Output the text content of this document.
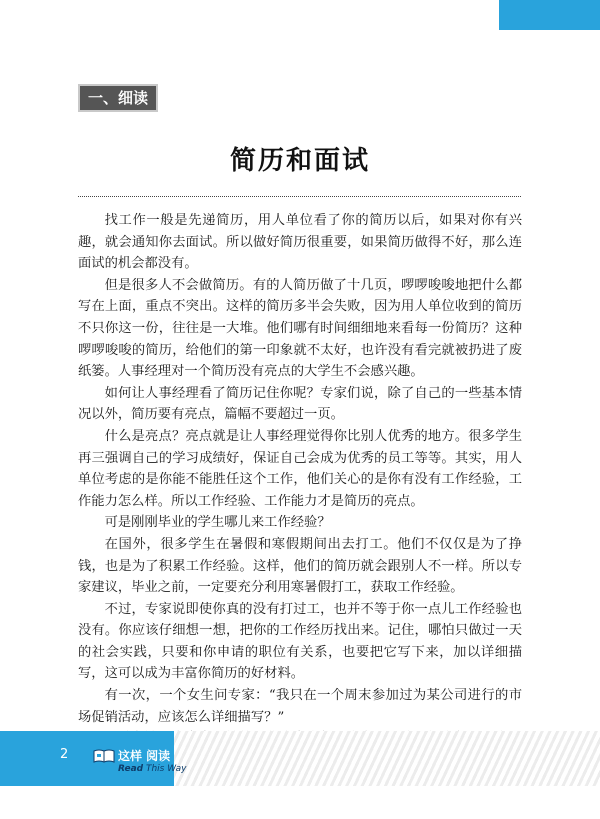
一、细读
简历和面试

找工作一般是先递简历，用人单位看了你的简历以后，如果对你有兴趣，就会通知你去面试。所以做好简历很重要，如果简历做得不好，那么连面试的机会都没有。

但是很多人不会做简历。有的人简历做了十几页，啰啰唆唆地把什么都写在上面，重点不突出。这样的简历多半会失败，因为用人单位收到的简历不只你这一份，往往是一大堆。他们哪有时间细细地来看每一份简历？这种啰啰唆唆的简历，给他们的第一印象就不太好，也许没有看完就被扔进了废纸篓。人事经理对一个简历没有亮点的大学生不会感兴趣。

如何让人事经理看了简历记住你呢？专家们说，除了自己的一些基本情况以外，简历要有亮点，篇幅不要超过一页。

什么是亮点？亮点就是让人事经理觉得你比别人优秀的地方。很多学生再三强调自己的学习成绩好，保证自己会成为优秀的员工等等。其实，用人单位考虑的是你能不能胜任这个工作，他们关心的是你有没有工作经验，工作能力怎么样。所以工作经验、工作能力才是简历的亮点。

可是刚刚毕业的学生哪儿来工作经验？

在国外，很多学生在暑假和寒假期间出去打工。他们不仅仅是为了挣钱，也是为了积累工作经验。这样，他们的简历就会跟别人不一样。所以专家建议，毕业之前，一定要充分利用寒暑假打工，获取工作经验。

不过，专家说即使你真的没有打过工，也并不等于你一点儿工作经验也没有。你应该仔细想一想，把你的工作经历找出来。记住，哪怕只做过一天的社会实践，只要和你申请的职位有关系，也要把它写下来，加以详细描写，这可以成为丰富你简历的好材料。

有一次，一个女生问专家：“我只在一个周末参加过为某公司进行的市场促销活动，应该怎么详细描写？”

2	这样 阅读
Read This Way
